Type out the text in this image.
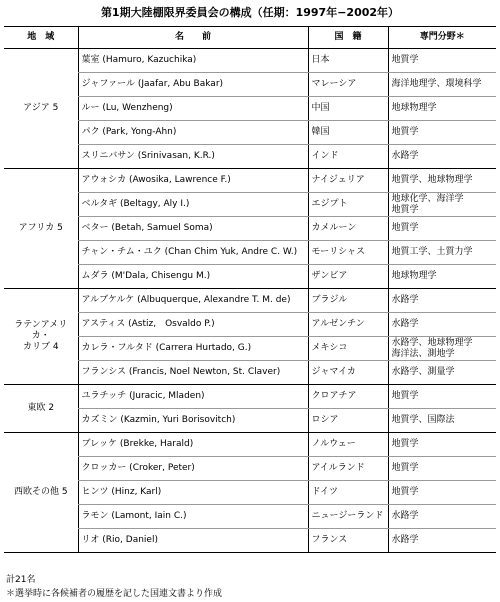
第1期大陸棚限界委員会の構成（任期：1997年−2002年）
地　域	名　　前	国　籍	専門分野＊
アジア 5	葉室 (Hamuro, Kazuchika)	日本	地質学
	ジャファール (Jaafar, Abu Bakar)	マレーシア	海洋地理学、環境科学
	ルー (Lu, Wenzheng)	中国	地球物理学
	パク (Park, Yong-Ahn)	韓国	地質学
	スリニバサン (Srinivasan, K.R.)	インド	水路学
アフリカ 5	アウォシカ (Awosika, Lawrence F.)	ナイジェリア	地質学、地球物理学
	ベルタギ (Beltagy, Aly I.)	エジプト	地球化学、海洋学
地質学
	ベター (Betah, Samuel Soma)	カメルーン	地質学
	チャン・チム・ユク (Chan Chim Yuk, Andre C. W.)	モーリシャス	地質工学、土質力学
	ムダラ (M'Dala, Chisengu M.)	ザンビア	地球物理学
ラテンアメリカ・
カリブ 4	アルブケルケ (Albuquerque, Alexandre T. M. de)	ブラジル	水路学
	アスティス (Astiz,　Osvaldo P.)	アルゼンチン	水路学
	カレラ・フルタド (Carrera Hurtado, G.)	メキシコ	水路学、地球物理学
海洋法、測地学
	フランシス (Francis, Noel Newton, St. Claver)	ジャマイカ	水路学、測量学
東欧 2	ユラチッチ (Juracic, Mladen)	クロアチア	地質学
	カズミン (Kazmin, Yuri Borisovitch)	ロシア	地質学、国際法
西欧その他 5	ブレッケ (Brekke, Harald)	ノルウェー	地質学
	クロッカー (Croker, Peter)	アイルランド	地質学
	ヒンツ (Hinz, Karl)	ドイツ	地質学
	ラモン (Lamont, Iain C.)	ニュージーランド	水路学
	リオ (Rio, Daniel)	フランス	水路学
計21名
＊選挙時に各候補者の履歴を記した国連文書より作成
